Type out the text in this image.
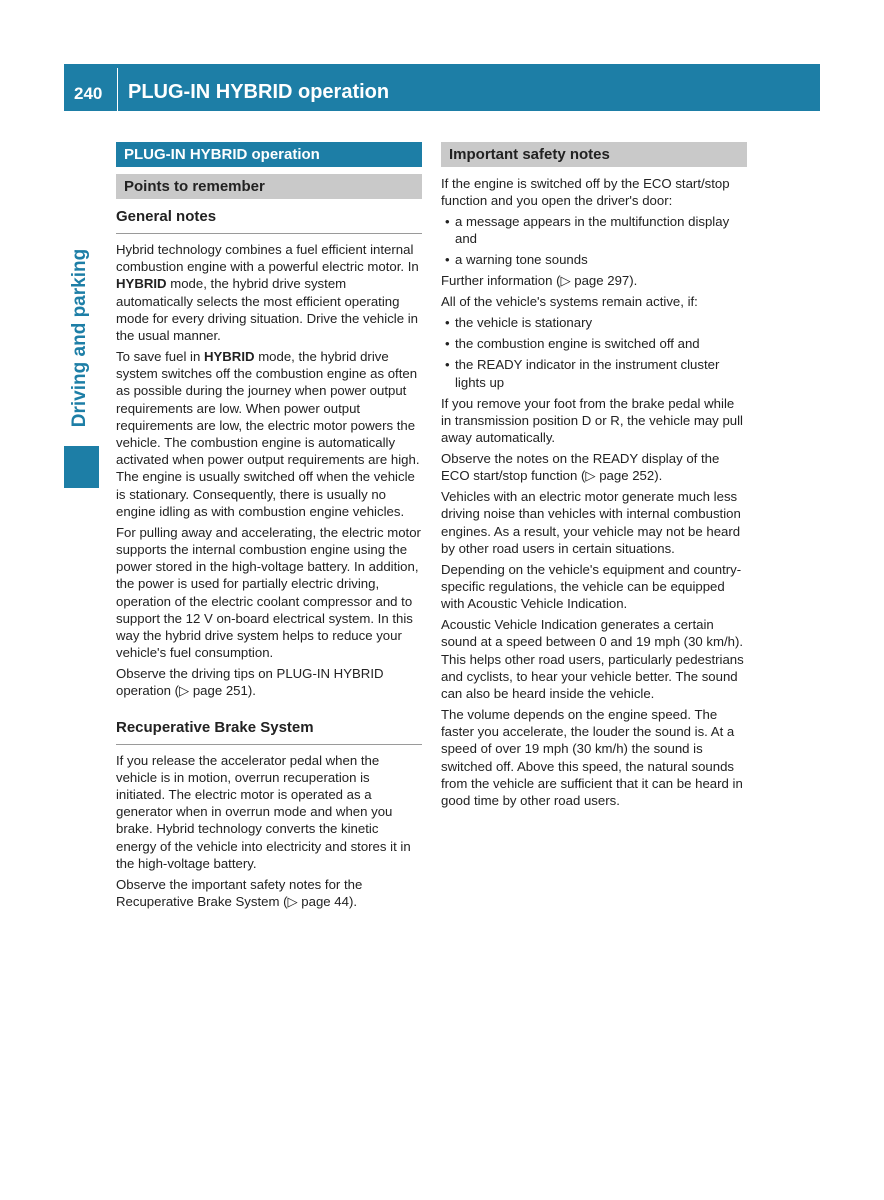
240 PLUG-IN HYBRID operation
Driving and parking
PLUG-IN HYBRID operation
Points to remember
General notes

Hybrid technology combines a fuel efficient internal combustion engine with a powerful electric motor. In HYBRID mode, the hybrid drive system automatically selects the most efficient operating mode for every driving situation. Drive the vehicle in the usual manner.

To save fuel in HYBRID mode, the hybrid drive system switches off the combustion engine as often as possible during the journey when power output requirements are low. When power output requirements are low, the electric motor powers the vehicle. The combustion engine is automatically activated when power output requirements are high. The engine is usually switched off when the vehicle is stationary. Consequently, there is usually no engine idling as with combustion engine vehicles.

For pulling away and accelerating, the electric motor supports the internal combustion engine using the power stored in the high-voltage battery. In addition, the power is used for partially electric driving, operation of the electric coolant compressor and to support the 12 V on-board electrical system. In this way the hybrid drive system helps to reduce your vehicle's fuel consumption.

Observe the driving tips on PLUG-IN HYBRID operation (▷ page 251).

Recuperative Brake System

If you release the accelerator pedal when the vehicle is in motion, overrun recuperation is initiated. The electric motor is operated as a generator when in overrun mode and when you brake. Hybrid technology converts the kinetic energy of the vehicle into electricity and stores it in the high-voltage battery.

Observe the important safety notes for the Recuperative Brake System (▷ page 44).

Important safety notes

If the engine is switched off by the ECO start/stop function and you open the driver's door:

• a message appears in the multifunction display and
• a warning tone sounds

Further information (▷ page 297).

All of the vehicle's systems remain active, if:

• the vehicle is stationary
• the combustion engine is switched off and
• the READY indicator in the instrument cluster lights up

If you remove your foot from the brake pedal while in transmission position D or R, the vehicle may pull away automatically.

Observe the notes on the READY display of the ECO start/stop function (▷ page 252).

Vehicles with an electric motor generate much less driving noise than vehicles with internal combustion engines. As a result, your vehicle may not be heard by other road users in certain situations.

Depending on the vehicle's equipment and country-specific regulations, the vehicle can be equipped with Acoustic Vehicle Indication.

Acoustic Vehicle Indication generates a certain sound at a speed between 0 and 19 mph (30 km/h). This helps other road users, particularly pedestrians and cyclists, to hear your vehicle better. The sound can also be heard inside the vehicle.

The volume depends on the engine speed. The faster you accelerate, the louder the sound is. At a speed of over 19 mph (30 km/h) the sound is switched off. Above this speed, the natural sounds from the vehicle are sufficient that it can be heard in good time by other road users.
